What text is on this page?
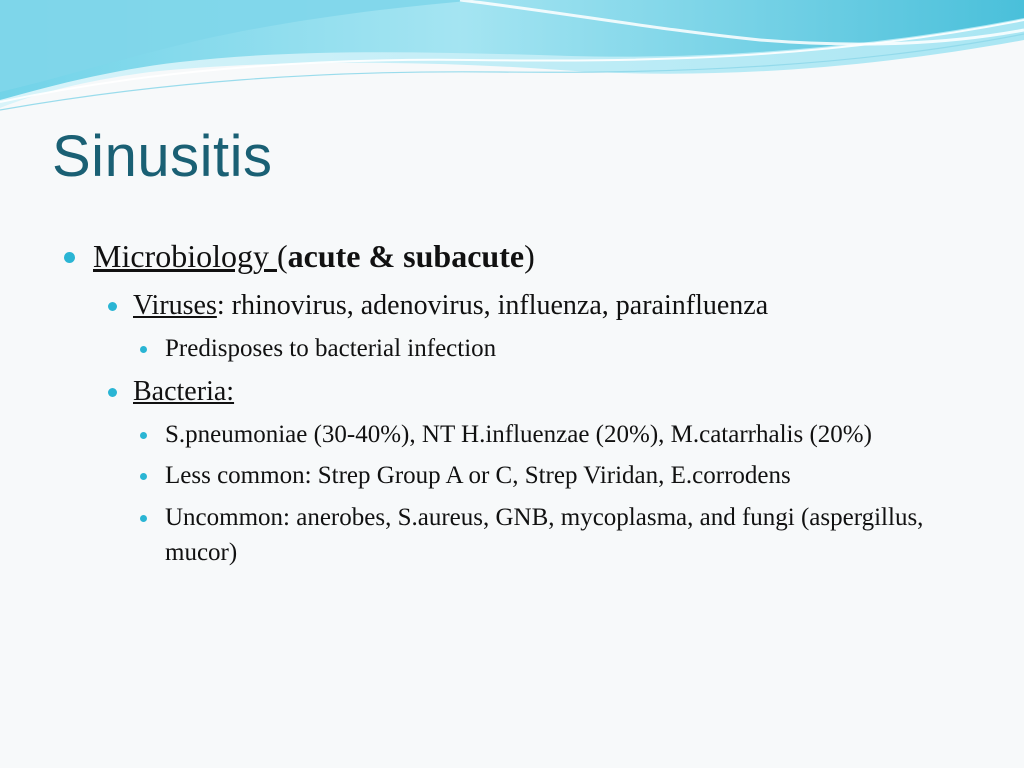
Sinusitis
Microbiology (acute & subacute)
Viruses: rhinovirus, adenovirus, influenza, parainfluenza
Predisposes to bacterial infection
Bacteria:
S.pneumoniae (30-40%), NT H.influenzae (20%), M.catarrhalis (20%)
Less common: Strep Group A or C, Strep Viridan, E.corrodens
Uncommon: anerobes, S.aureus, GNB, mycoplasma, and fungi (aspergillus, mucor)
